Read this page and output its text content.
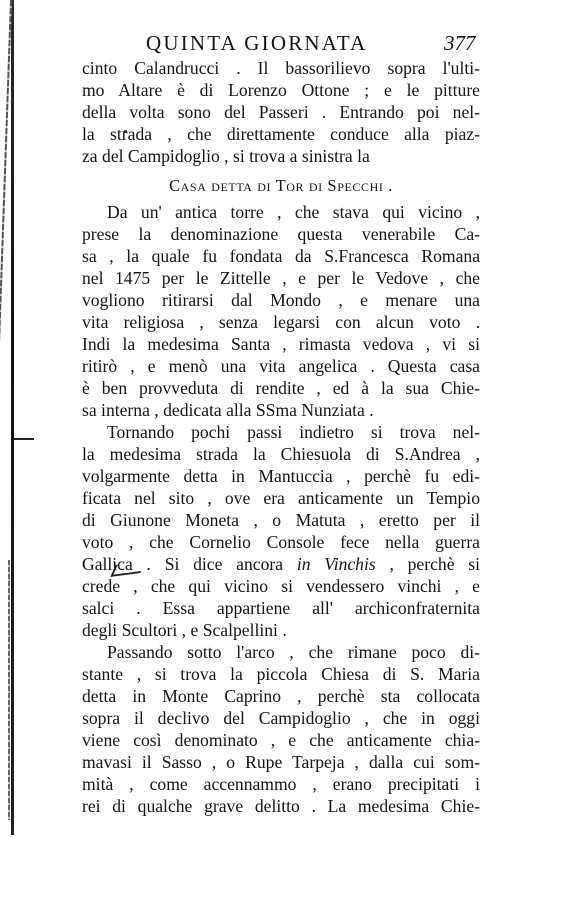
QUINTA GIORNATA	377
cinto Calandrucci . Il bassorilievo sopra l'ulti-
mo Altare è di Lorenzo Ottone ; e le pitture
della volta sono del Passeri . Entrando poi nel-
la strada , che direttamente conduce alla piaz-
za del Campidoglio , si trova a sinistra la
Casa detta di Tor di Specchi .
Da un' antica torre , che stava qui vicino ,
prese la denominazione questa venerabile Ca-
sa , la quale fu fondata da S.Francesca Romana
nel 1475 per le Zittelle , e per le Vedove , che
vogliono ritirarsi dal Mondo , e menare una
vita religiosa , senza legarsi con alcun voto .
Indi la medesima Santa , rimasta vedova , vi si
ritirò , e menò una vita angelica . Questa casa
è ben provveduta di rendite , ed à la sua Chie-
sa interna , dedicata alla SSma Nunziata .
Tornando pochi passi indietro si trova nel-
la medesima strada la Chiesuola di S.Andrea ,
volgarmente detta in Mantuccia , perchè fu edi-
ficata nel sito , ove era anticamente un Tempio
di Giunone Moneta , o Matuta , eretto per il
voto , che Cornelio Console fece nella guerra
Gallica . Si dice ancora in Vinchis , perchè si
crede , che qui vicino si vendessero vinchi , e
salci . Essa appartiene all' archiconfraternita
degli Scultori , e Scalpellini .
Passando sotto l'arco , che rimane poco di-
stante , si trova la piccola Chiesa di S. Maria
detta in Monte Caprino , perchè sta collocata
sopra il declivo del Campidoglio , che in oggi
viene così denominato , e che anticamente chia-
mavasi il Sasso , o Rupe Tarpeja , dalla cui som-
mità , come accennammo , erano precipitati i
rei di qualche grave delitto . La medesima Chie-
